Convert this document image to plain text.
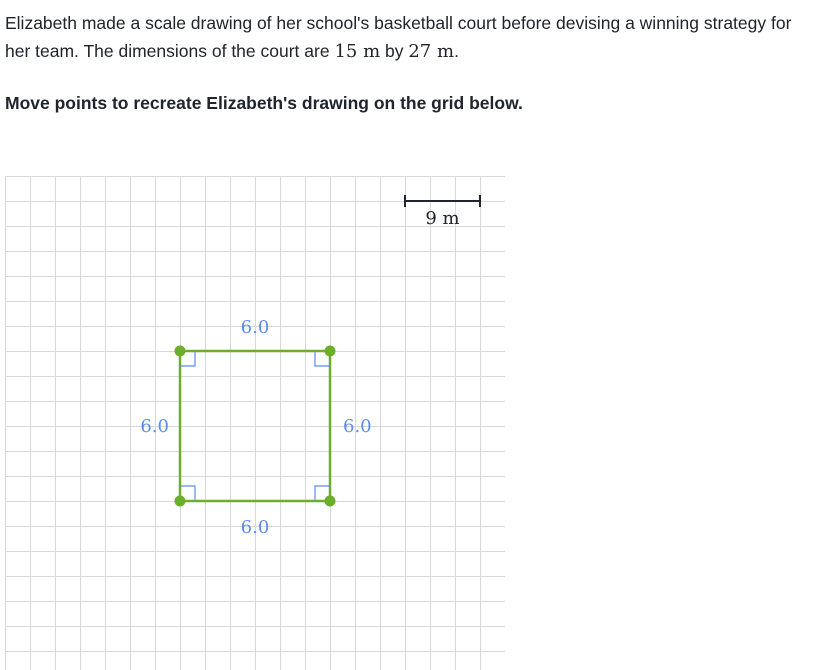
Elizabeth made a scale drawing of her school's basketball court before devising a winning strategy for her team. The dimensions of the court are 15 m by 27 m.

Move points to recreate Elizabeth's drawing on the grid below.

9 m
6.0
6.0
6.0	6.0
